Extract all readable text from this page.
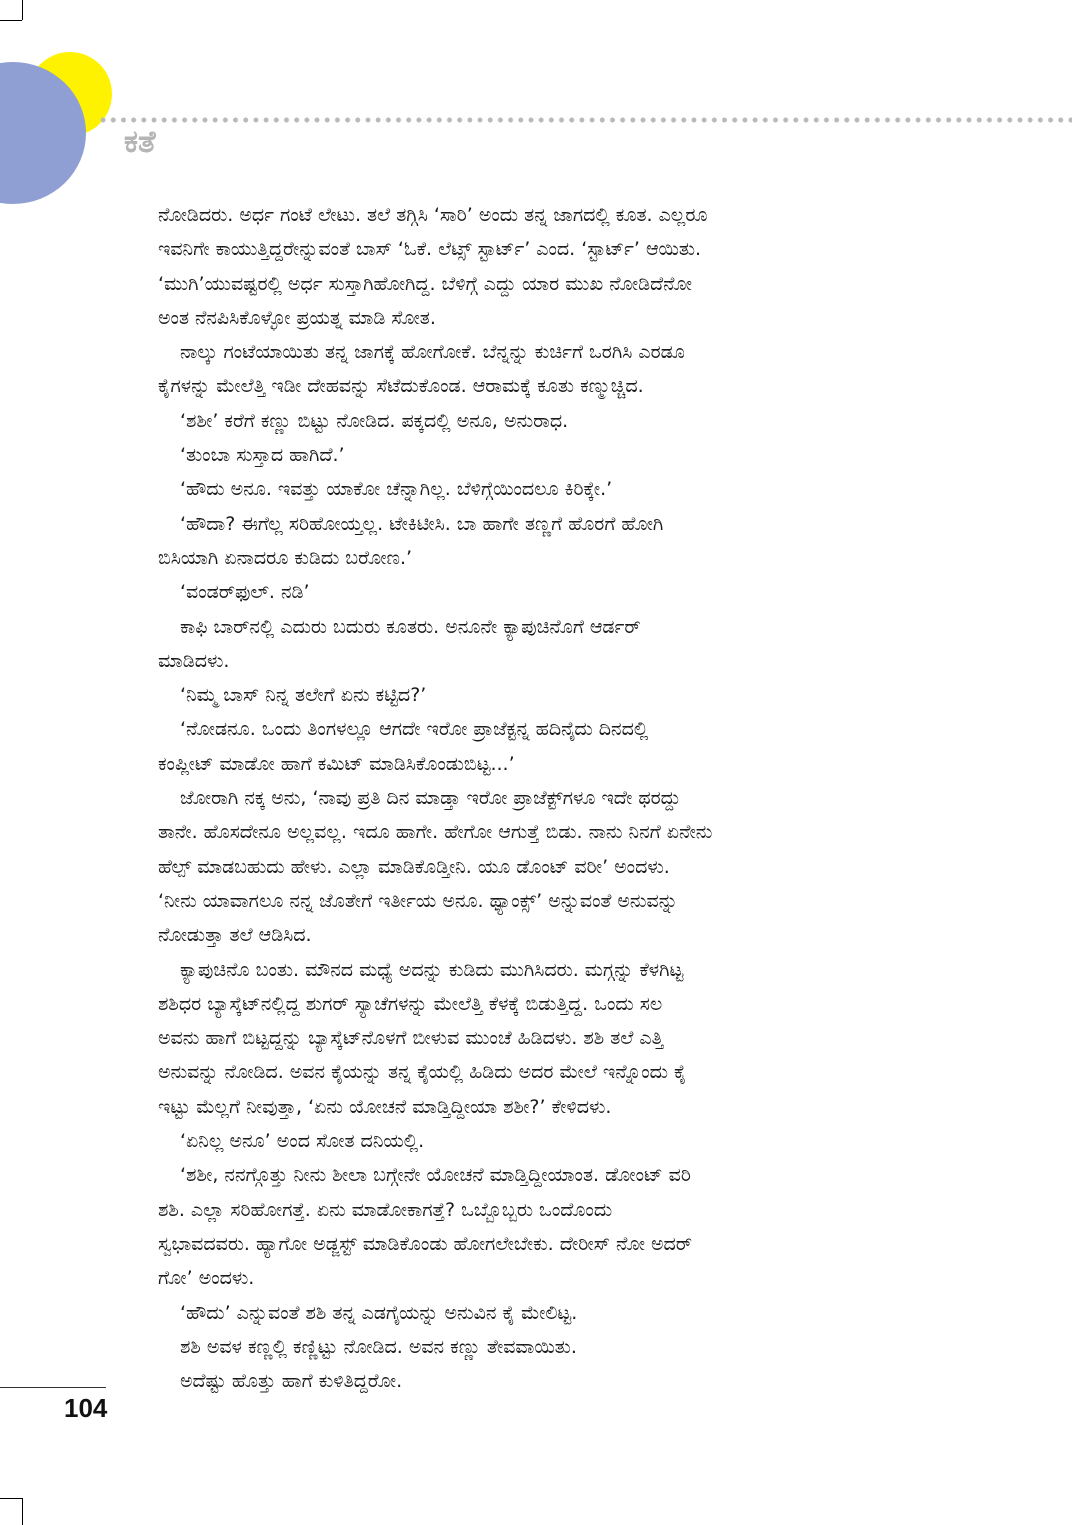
ಕತೆ
ನೋಡಿದರು. ಅರ್ಧ ಗಂಟೆ ಲೇಟು. ತಲೆ ತಗ್ಗಿಸಿ ‘ಸಾರಿ’ ಅಂದು ತನ್ನ ಜಾಗದಲ್ಲಿ ಕೂತ. ಎಲ್ಲರೂ
ಇವನಿಗೇ ಕಾಯುತ್ತಿದ್ದರೇನ್ನುವಂತೆ ಬಾಸ್ ‘ಓಕೆ. ಲೆಟ್ಸ್ ಸ್ಟಾರ್ಟ್’ ಎಂದ. ‘ಸ್ಟಾರ್ಟ್’ ಆಯಿತು.
‘ಮುಗಿ’ಯುವಷ್ಟರಲ್ಲಿ ಅರ್ಧ ಸುಸ್ತಾಗಿಹೋಗಿದ್ದ. ಬೆಳಿಗ್ಗೆ ಎದ್ದು ಯಾರ ಮುಖ ನೋಡಿದೆನೋ
ಅಂತ ನೆನಪಿಸಿಕೊಳ್ಳೋ ಪ್ರಯತ್ನ ಮಾಡಿ ಸೋತ.
ನಾಲ್ಕು ಗಂಟೆಯಾಯಿತು ತನ್ನ ಜಾಗಕ್ಕೆ ಹೋಗೋಕೆ. ಬೆನ್ನನ್ನು ಕುರ್ಚಿಗೆ ಒರಗಿಸಿ ಎರಡೂ
ಕೈಗಳನ್ನು ಮೇಲೆತ್ತಿ ಇಡೀ ದೇಹವನ್ನು ಸೆಟೆದುಕೊಂಡ. ಆರಾಮಕ್ಕೆ ಕೂತು ಕಣ್ಮುಚ್ಚಿದ.
‘ಶಶೀ’ ಕರೆಗೆ ಕಣ್ಣು ಬಿಟ್ಟು ನೋಡಿದ. ಪಕ್ಕದಲ್ಲಿ ಅನೂ, ಅನುರಾಧ.
‘ತುಂಬಾ ಸುಸ್ತಾದ ಹಾಗಿದೆ.’
‘ಹೌದು ಅನೂ. ಇವತ್ತು ಯಾಕೋ ಚೆನ್ನಾಗಿಲ್ಲ. ಬೆಳಿಗ್ಗೆಯಿಂದಲೂ ಕಿರಿಕ್ಕೇ.’
‘ಹೌದಾ? ಈಗೆಲ್ಲ ಸರಿಹೋಯ್ತಲ್ಲ. ಟೇಕಿಟೀಸಿ. ಬಾ ಹಾಗೇ ತಣ್ಣಗೆ ಹೊರಗೆ ಹೋಗಿ
ಬಿಸಿಯಾಗಿ ಏನಾದರೂ ಕುಡಿದು ಬರೋಣ.’
‘ವಂಡರ್‌ಫುಲ್. ನಡಿ’
ಕಾಫಿ ಬಾರ್‌ನಲ್ಲಿ ಎದುರು ಬದುರು ಕೂತರು. ಅನೂನೇ ಕ್ಯಾಪುಚಿನೊಗೆ ಆರ್ಡರ್
ಮಾಡಿದಳು.
‘ನಿಮ್ಮ ಬಾಸ್ ನಿನ್ನ ತಲೇಗೆ ಏನು ಕಟ್ಟಿದ?’
‘ನೋಡನೂ. ಒಂದು ತಿಂಗಳಲ್ಲೂ ಆಗದೇ ಇರೋ ಪ್ರಾಜೆಕ್ಟನ್ನ ಹದಿನೈದು ದಿನದಲ್ಲಿ
ಕಂಪ್ಲೀಟ್ ಮಾಡೋ ಹಾಗೆ ಕಮಿಟ್ ಮಾಡಿಸಿಕೊಂಡುಬಿಟ್ಟ...’
ಜೋರಾಗಿ ನಕ್ಕ ಅನು, ‘ನಾವು ಪ್ರತಿ ದಿನ ಮಾಡ್ತಾ ಇರೋ ಪ್ರಾಜೆಕ್ಟ್‌ಗಳೂ ಇದೇ ಥರದ್ದು
ತಾನೇ. ಹೊಸದೇನೂ ಅಲ್ಲವಲ್ಲ. ಇದೂ ಹಾಗೇ. ಹೇಗೋ ಆಗುತ್ತೆ ಬಿಡು. ನಾನು ನಿನಗೆ ಏನೇನು
ಹೆಲ್ಪ್ ಮಾಡಬಹುದು ಹೇಳು. ಎಲ್ಲಾ ಮಾಡಿಕೊಡ್ತೀನಿ. ಯೂ ಡೊಂಟ್ ವರೀ’ ಅಂದಳು.
‘ನೀನು ಯಾವಾಗಲೂ ನನ್ನ ಜೊತೇಗೆ ಇರ್ತೀಯ ಅನೂ. ಥ್ಯಾಂಕ್ಸ್’ ಅನ್ನುವಂತೆ ಅನುವನ್ನು
ನೋಡುತ್ತಾ ತಲೆ ಆಡಿಸಿದ.
ಕ್ಯಾಪುಚಿನೊ ಬಂತು. ಮೌನದ ಮಧ್ಯೆ ಅದನ್ನು ಕುಡಿದು ಮುಗಿಸಿದರು. ಮಗ್ಗನ್ನು ಕೆಳಗಿಟ್ಟ
ಶಶಿಧರ ಬ್ಯಾಸ್ಕೆಟ್‌ನಲ್ಲಿದ್ದ ಶುಗರ್ ಸ್ಯಾಚೆಗಳನ್ನು ಮೇಲೆತ್ತಿ ಕೆಳಕ್ಕೆ ಬಿಡುತ್ತಿದ್ದ. ಒಂದು ಸಲ
ಅವನು ಹಾಗೆ ಬಿಟ್ಟದ್ದನ್ನು ಬ್ಯಾಸ್ಕೆಟ್‌ನೊಳಗೆ ಬೀಳುವ ಮುಂಚೆ ಹಿಡಿದಳು. ಶಶಿ ತಲೆ ಎತ್ತಿ
ಅನುವನ್ನು ನೋಡಿದ. ಅವನ ಕೈಯನ್ನು ತನ್ನ ಕೈಯಲ್ಲಿ ಹಿಡಿದು ಅದರ ಮೇಲೆ ಇನ್ನೊಂದು ಕೈ
ಇಟ್ಟು ಮೆಲ್ಲಗೆ ನೀವುತ್ತಾ, ‘ಏನು ಯೋಚನೆ ಮಾಡ್ತಿದ್ದೀಯಾ ಶಶೀ?’ ಕೇಳಿದಳು.
‘ಏನಿಲ್ಲ ಅನೂ’ ಅಂದ ಸೋತ ದನಿಯಲ್ಲಿ.
‘ಶಶೀ, ನನಗ್ಗೊತ್ತು ನೀನು ಶೀಲಾ ಬಗ್ಗೇನೇ ಯೋಚನೆ ಮಾಡ್ತಿದ್ದೀಯಾಂತ. ಡೋಂಟ್ ವರಿ
ಶಶಿ. ಎಲ್ಲಾ ಸರಿಹೋಗತ್ತೆ. ಏನು ಮಾಡೋಕಾಗತ್ತೆ? ಒಬ್ಬೊಬ್ಬರು ಒಂದೊಂದು
ಸ್ವಭಾವದವರು. ಹ್ಯಾಗೋ ಅಡ್ಜಸ್ಟ್ ಮಾಡಿಕೊಂಡು ಹೋಗಲೇಬೇಕು. ದೇರೀಸ್ ನೋ ಅದರ್
ಗೋ’ ಅಂದಳು.
‘ಹೌದು’ ಎನ್ನುವಂತೆ ಶಶಿ ತನ್ನ ಎಡಗೈಯನ್ನು ಅನುವಿನ ಕೈ ಮೇಲಿಟ್ಟ.
ಶಶಿ ಅವಳ ಕಣ್ಣಲ್ಲಿ ಕಣ್ಣಿಟ್ಟು ನೋಡಿದ. ಅವನ ಕಣ್ಣು ತೇವವಾಯಿತು.
ಅದೆಷ್ಟು ಹೊತ್ತು ಹಾಗೆ ಕುಳಿತಿದ್ದರೋ.
104
